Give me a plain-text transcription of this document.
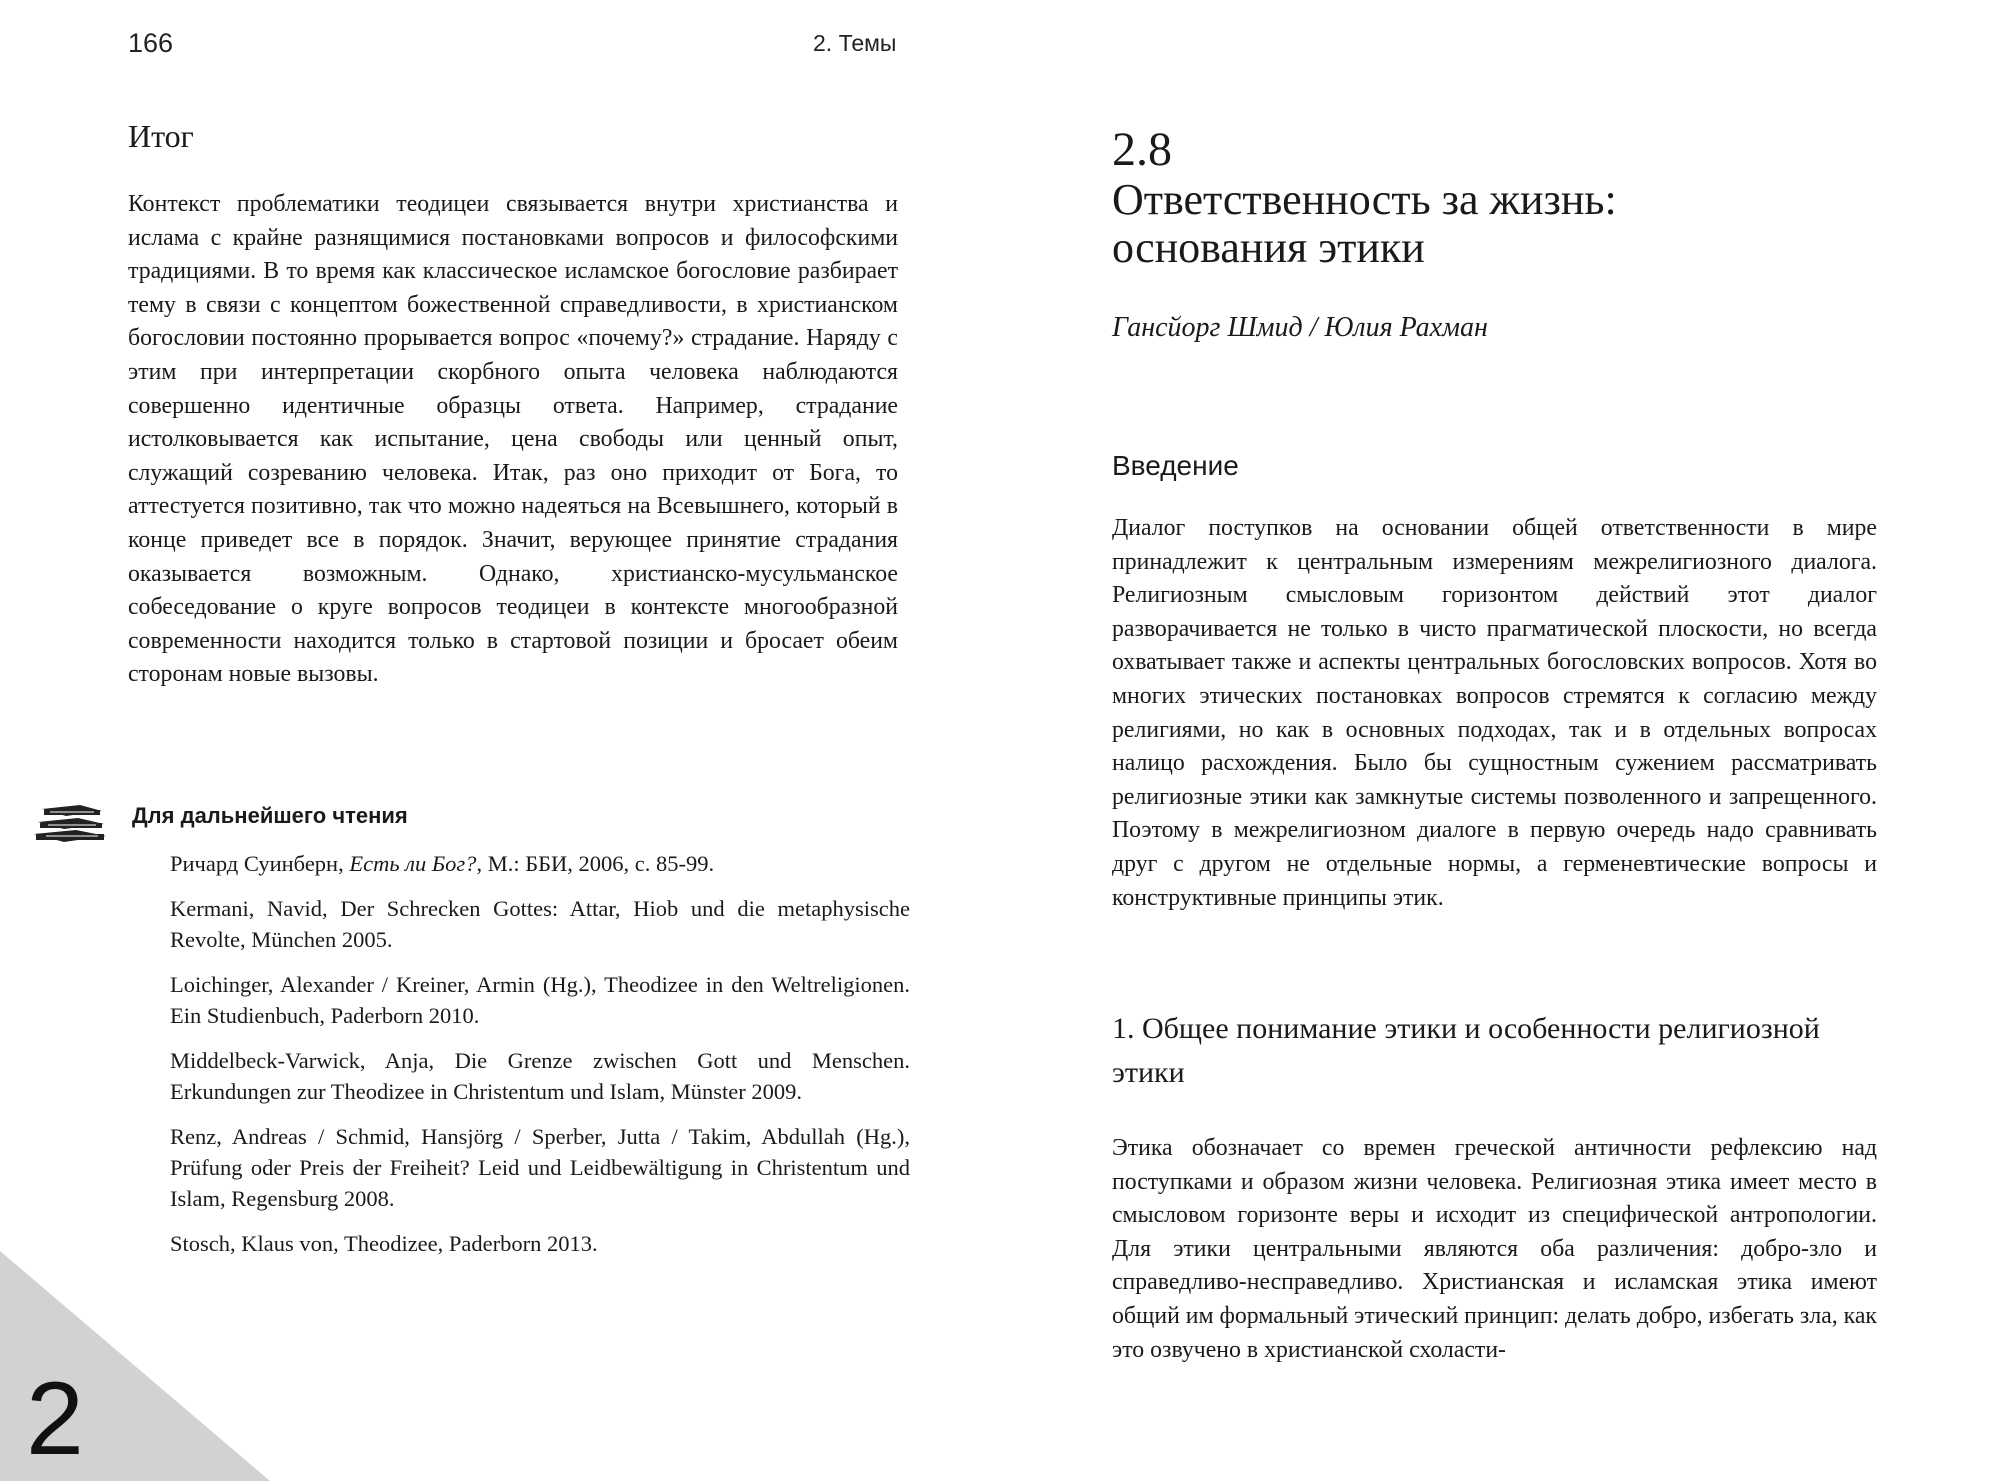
166	2. Темы
Итог

Контекст проблематики теодицеи связывается внутри христианства и ислама с крайне разнящимися постановками вопросов и философскими традициями. В то время как классическое исламское богословие разбирает тему в связи с концептом божественной справедливости, в христианском богословии постоянно прорывается вопрос «почему?» страдание. Наряду с этим при интерпретации скорбного опыта человека наблюдаются совершенно идентичные образцы ответа. Например, страдание истолковывается как испытание, цена свободы или ценный опыт, служащий созреванию человека. Итак, раз оно приходит от Бога, то аттестуется позитивно, так что можно надеяться на Всевышнего, который в конце приведет все в порядок. Значит, верующее принятие страдания оказывается возможным. Однако, христианско-мусульманское собеседование о круге вопросов теодицеи в контексте многообразной современности находится только в стартовой позиции и бросает обеим сторонам новые вызовы.

Для дальнейшего чтения

Ричард Суинберн, Есть ли Бог?, М.: ББИ, 2006, с. 85-99.

Kermani, Navid, Der Schrecken Gottes: Attar, Hiob und die metaphysische Revolte, München 2005.

Loichinger, Alexander / Kreiner, Armin (Hg.), Theodizee in den Weltreligionen. Ein Studienbuch, Paderborn 2010.

Middelbeck-Varwick, Anja, Die Grenze zwischen Gott und Menschen. Erkundungen zur Theodizee in Christentum und Islam, Münster 2009.

Renz, Andreas / Schmid, Hansjörg / Sperber, Jutta / Takim, Abdullah (Hg.), Prüfung oder Preis der Freiheit? Leid und Leidbewältigung in Christentum und Islam, Regensburg 2008.

Stosch, Klaus von, Theodizee, Paderborn 2013.

2
2.8
Ответственность за жизнь: основания этики
Гансйорг Шмид / Юлия Рахман
Введение

Диалог поступков на основании общей ответственности в мире принадлежит к центральным измерениям межрелигиозного диалога. Религиозным смысловым горизонтом действий этот диалог разворачивается не только в чисто прагматической плоскости, но всегда охватывает также и аспекты центральных богословских вопросов. Хотя во многих этических постановках вопросов стремятся к согласию между религиями, но как в основных подходах, так и в отдельных вопросах налицо расхождения. Было бы сущностным сужением рассматривать религиозные этики как замкнутые системы позволенного и запрещенного. Поэтому в межрелигиозном диалоге в первую очередь надо сравнивать друг с другом не отдельные нормы, а герменевтические вопросы и конструктивные принципы этик.

1. Общее понимание этики и особенности религиозной этики

Этика обозначает со времен греческой античности рефлексию над поступками и образом жизни человека. Религиозная этика имеет место в смысловом горизонте веры и исходит из специфической антропологии. Для этики центральными являются оба различения: добро-зло и справедливо-несправедливо. Христианская и исламская этика имеют общий им формальный этический принцип: делать добро, избегать зла, как это озвучено в христианской схоласти-
